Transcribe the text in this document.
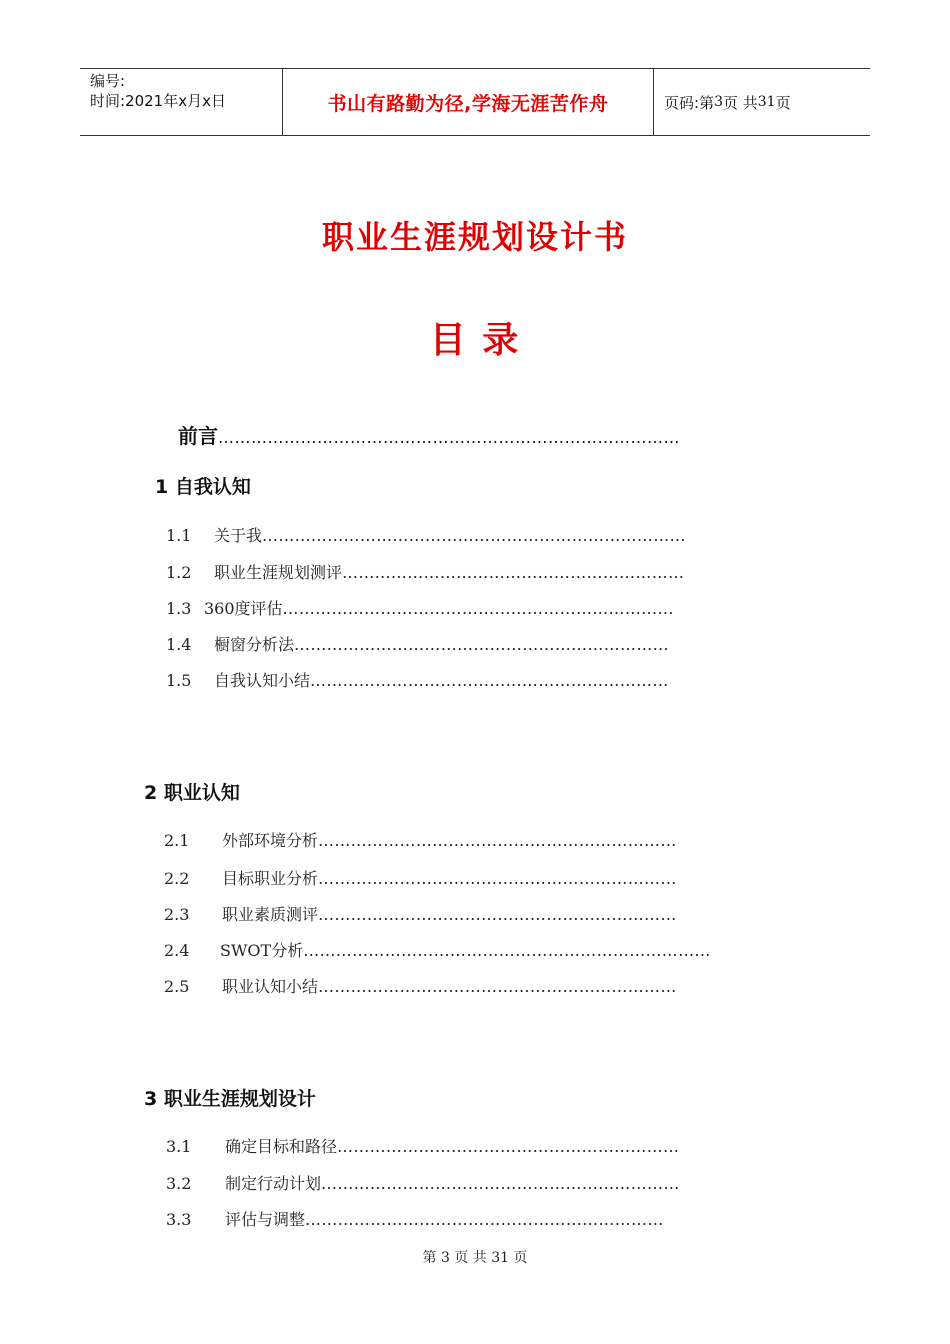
编号:
时间:2021年x月x日	书山有路勤为径,学海无涯苦作舟	页码:第 3 页 共 31 页
职业生涯规划设计书
目 录
前言…………………………………………………………………………
1 自我认知
1.1 关于我……………………………………………………………………
1.2 职业生涯规划测评………………………………………………………
1.3 360度评估………………………………………………………………
1.4 橱窗分析法……………………………………………………………
1.5 自我认知小结…………………………………………………………
2 职业认知
2.1 外部环境分析…………………………………………………………
2.2 目标职业分析…………………………………………………………
2.3 职业素质测评…………………………………………………………
2.4 SWOT分析…………………………………………………………………
2.5 职业认知小结…………………………………………………………
3 职业生涯规划设计
3.1 确定目标和路径………………………………………………………
3.2 制定行动计划…………………………………………………………
3.3 评估与调整…………………………………………………………
第 3 页 共 31 页
